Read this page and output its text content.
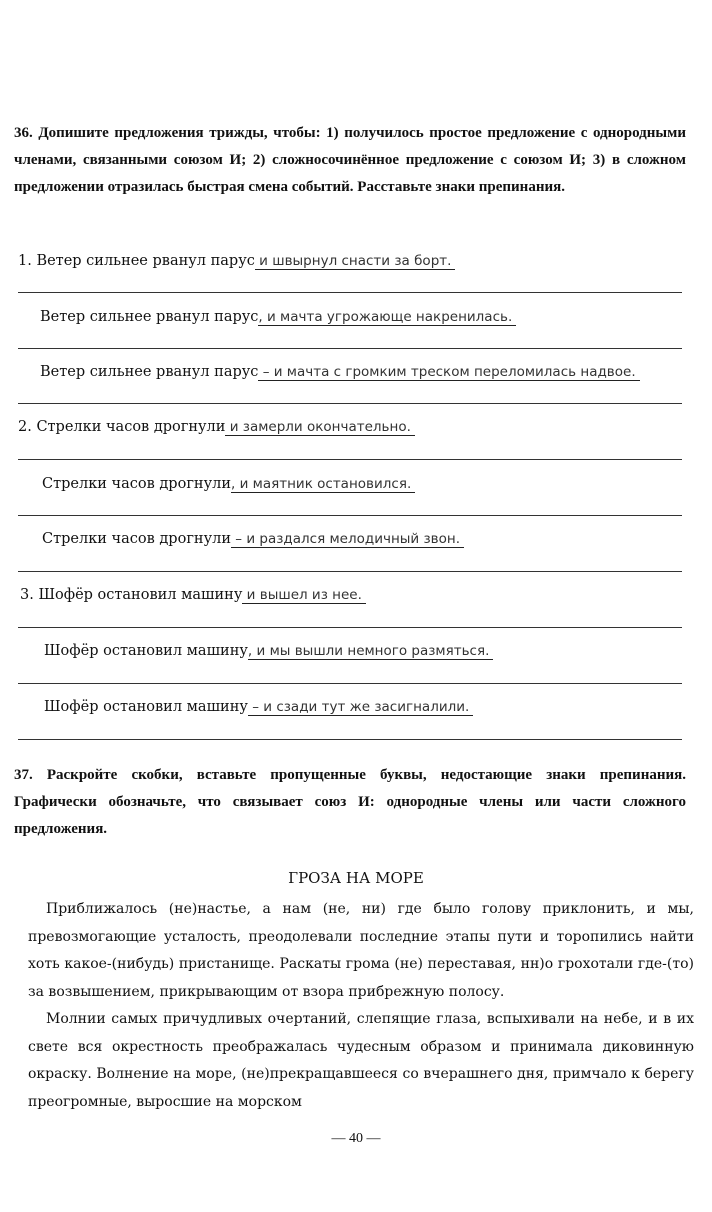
36. Допишите предложения трижды, чтобы: 1) получилось простое предложение с однородными членами, связанными союзом И; 2) сложносочинённое предложение с союзом И; 3) в сложном предложении отразилась быстрая смена событий. Расставьте знаки препинания.
1. Ветер сильнее рванул парус и швырнул снасти за борт.
Ветер сильнее рванул парус, и мачта угрожающе накренилась.
Ветер сильнее рванул парус – и мачта с громким треском переломилась надвое.
2. Стрелки часов дрогнули и замерли окончательно.
Стрелки часов дрогнули, и маятник остановился.
Стрелки часов дрогнули – и раздался мелодичный звон.
3. Шофёр остановил машину и вышел из нее.
Шофёр остановил машину, и мы вышли немного размяться.
Шофёр остановил машину – и сзади тут же засигналили.
37. Раскройте скобки, вставьте пропущенные буквы, недостающие знаки препинания. Графически обозначьте, что связывает союз И: однородные члены или части сложного предложения.
ГРОЗА НА МОРЕ
Приближалось (не)настье, а нам (не, ни) где было голову приклонить, и мы, превозмогающие усталость, преодолевали последние этапы пути и торопились найти хоть какое-(нибудь) пристанище. Раскаты грома (не) переставая, нн)о грохотали где-(то) за возвышением, прикрывающим от взора прибрежную полосу.
Молнии самых причудливых очертаний, слепящие глаза, вспыхивали на небе, и в их свете вся окрестность преображалась чудесным образом и принимала диковинную окраску. Волнение на море, (не)прекращавшееся со вчерашнего дня, примчало к берегу преогромные, выросшие на морском
— 40 —
